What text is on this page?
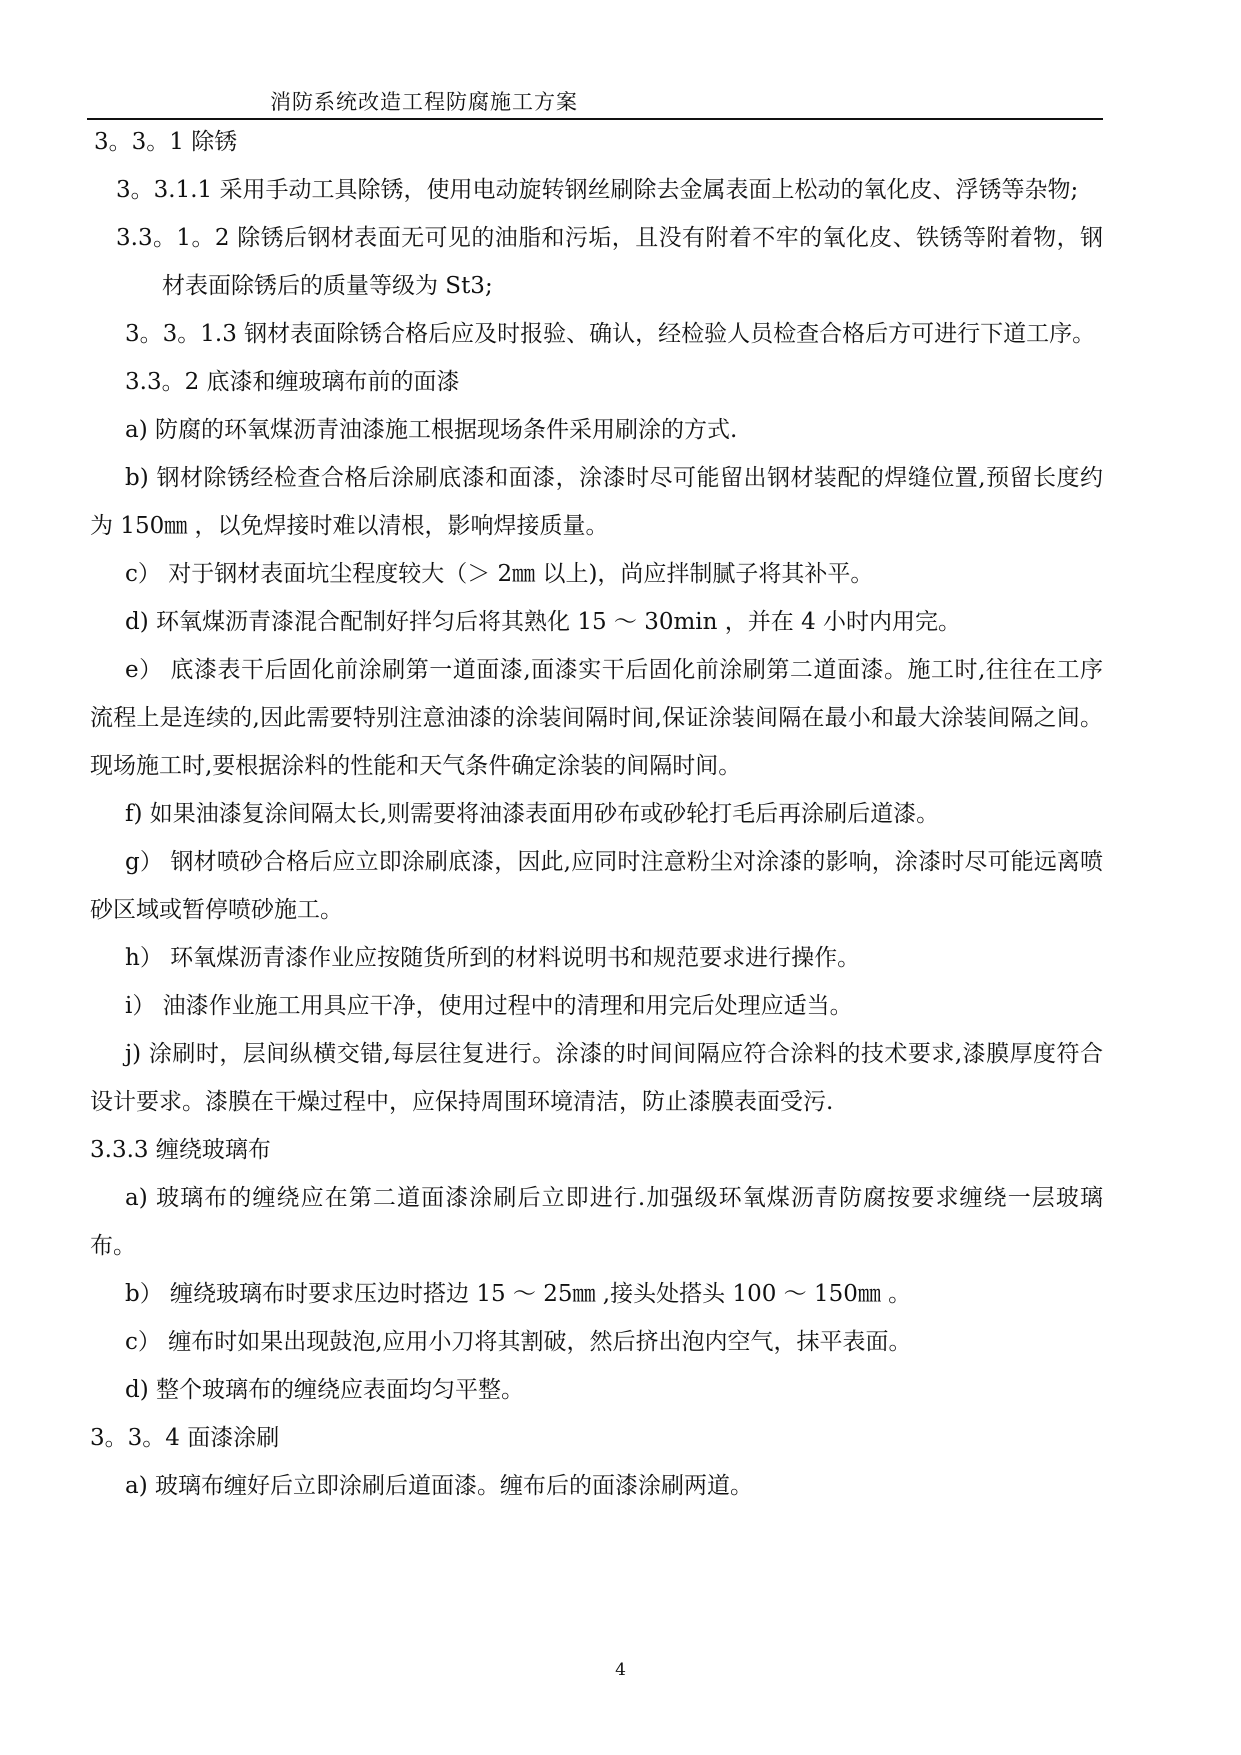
消防系统改造工程防腐施工方案

3。3。1 除锈

3。3.1.1 采用手动工具除锈，使用电动旋转钢丝刷除去金属表面上松动的氧化皮、浮锈等杂物;

3.3。1。2 除锈后钢材表面无可见的油脂和污垢，且没有附着不牢的氧化皮、铁锈等附着物，钢材表面除锈后的质量等级为 St3;

3。3。1.3 钢材表面除锈合格后应及时报验、确认，经检验人员检查合格后方可进行下道工序。

3.3。2 底漆和缠玻璃布前的面漆

a) 防腐的环氧煤沥青油漆施工根据现场条件采用刷涂的方式.

b) 钢材除锈经检查合格后涂刷底漆和面漆，涂漆时尽可能留出钢材装配的焊缝位置,预留长度约为 150㎜ ，以免焊接时难以清根，影响焊接质量。

c） 对于钢材表面坑尘程度较大（＞ 2㎜ 以上)，尚应拌制腻子将其补平。

d) 环氧煤沥青漆混合配制好拌匀后将其熟化 15 ～ 30min ，并在 4 小时内用完。

e） 底漆表干后固化前涂刷第一道面漆,面漆实干后固化前涂刷第二道面漆。施工时,往往在工序流程上是连续的,因此需要特别注意油漆的涂装间隔时间,保证涂装间隔在最小和最大涂装间隔之间。现场施工时,要根据涂料的性能和天气条件确定涂装的间隔时间。

f) 如果油漆复涂间隔太长,则需要将油漆表面用砂布或砂轮打毛后再涂刷后道漆。

g） 钢材喷砂合格后应立即涂刷底漆，因此,应同时注意粉尘对涂漆的影响，涂漆时尽可能远离喷砂区域或暂停喷砂施工。

h） 环氧煤沥青漆作业应按随货所到的材料说明书和规范要求进行操作。

i） 油漆作业施工用具应干净，使用过程中的清理和用完后处理应适当。

j) 涂刷时，层间纵横交错,每层往复进行。涂漆的时间间隔应符合涂料的技术要求,漆膜厚度符合设计要求。漆膜在干燥过程中，应保持周围环境清洁，防止漆膜表面受污.

3.3.3 缠绕玻璃布

a) 玻璃布的缠绕应在第二道面漆涂刷后立即进行.加强级环氧煤沥青防腐按要求缠绕一层玻璃布。

b） 缠绕玻璃布时要求压边时搭边 15 ～ 25㎜ ,接头处搭头 100 ～ 150㎜ 。

c） 缠布时如果出现鼓泡,应用小刀将其割破，然后挤出泡内空气，抹平表面。

d) 整个玻璃布的缠绕应表面均匀平整。

3。3。4 面漆涂刷

a) 玻璃布缠好后立即涂刷后道面漆。缠布后的面漆涂刷两道。

4
